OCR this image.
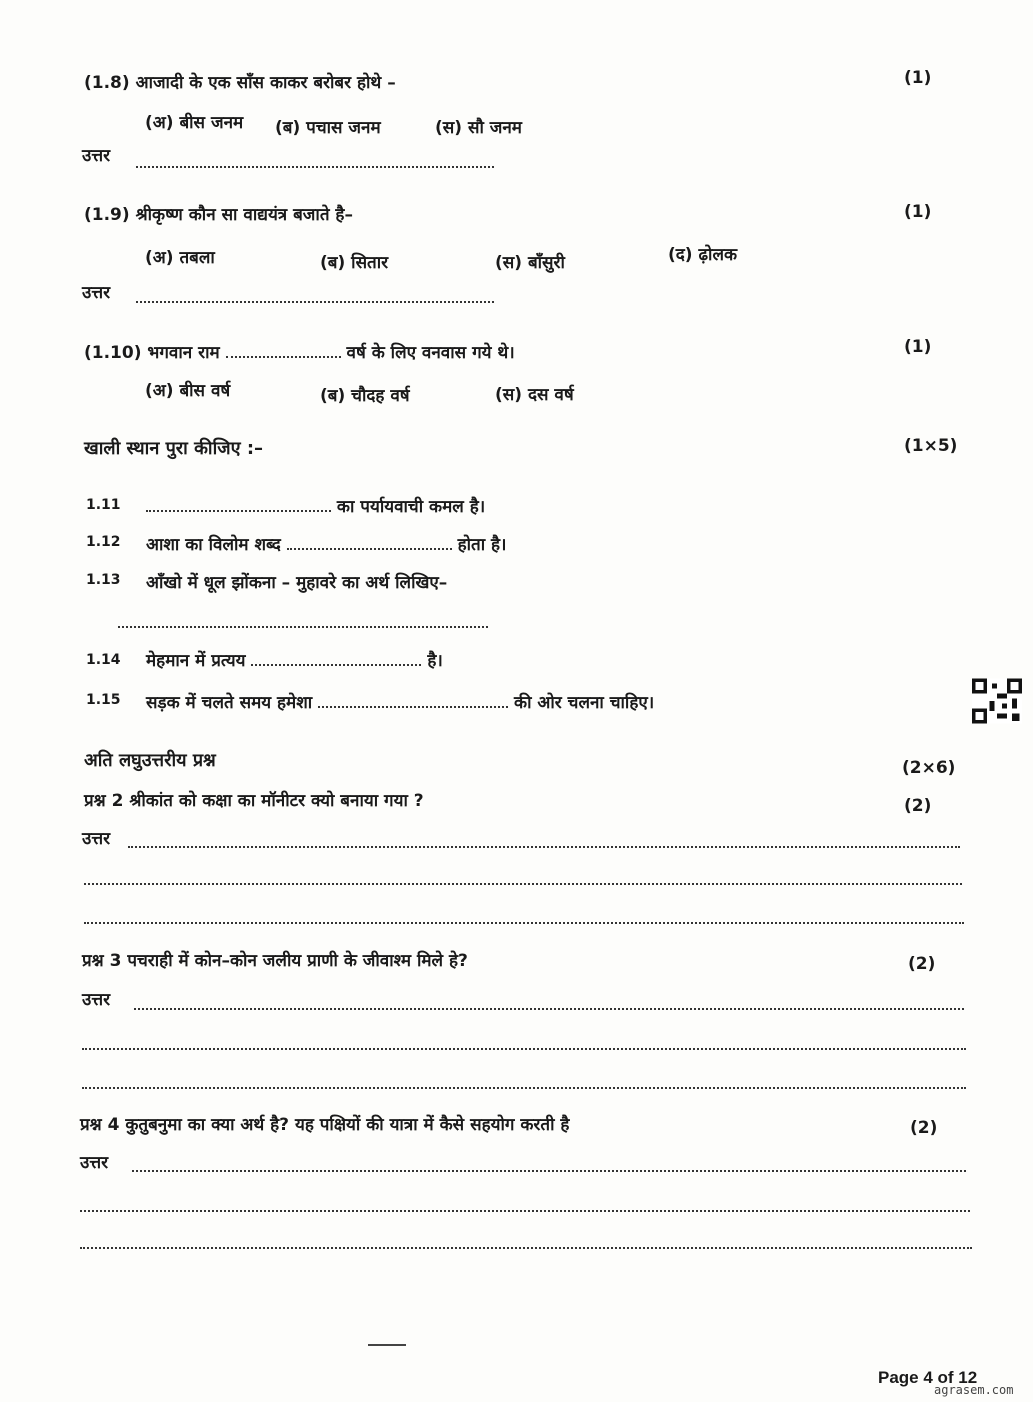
(1.8) आजादी के एक साँस काकर बरोबर होथे –	(1)
(अ) बीस जनम (ब) पचास जनम	(स) सौ जनम
उत्तर
(1.9) श्रीकृष्ण कौन सा वाद्ययंत्र बजाते है–	(1)
(अ) तबला	(ब) सितार	(स) बाँसुरी	(द) ढ़ोलक
उत्तर
(1.10) भगवान राम	वर्ष के लिए वनवास गये थे।	(1)
(अ) बीस वर्ष	(ब) चौदह वर्ष	(स) दस वर्ष
खाली स्थान पुरा कीजिए :–	(1×5)
1.11	का पर्यायवाची कमल है।
1.12 आशा का विलोम शब्द	होता है।
1.13 आँखो में धूल झोंकना – मुहावरे का अर्थ लिखिए–
1.14 मेहमान में प्रत्यय	है।
1.15 सड़क में चलते समय हमेशा	की ओर चलना चाहिए।
अति लघुउत्तरीय प्रश्न	(2×6)
प्रश्न 2 श्रीकांत को कक्षा का मॉनीटर क्यो बनाया गया ?	(2)
उत्तर
प्रश्न 3 पचराही में कोन–कोन जलीय प्राणी के जीवाश्म मिले हे?	(2)
उत्तर
प्रश्न 4 कुतुबनुमा का क्या अर्थ है? यह पक्षियों की यात्रा में कैसे सहयोग करती है	(2)
उत्तर
Page 4 of 12
agrasem.com
